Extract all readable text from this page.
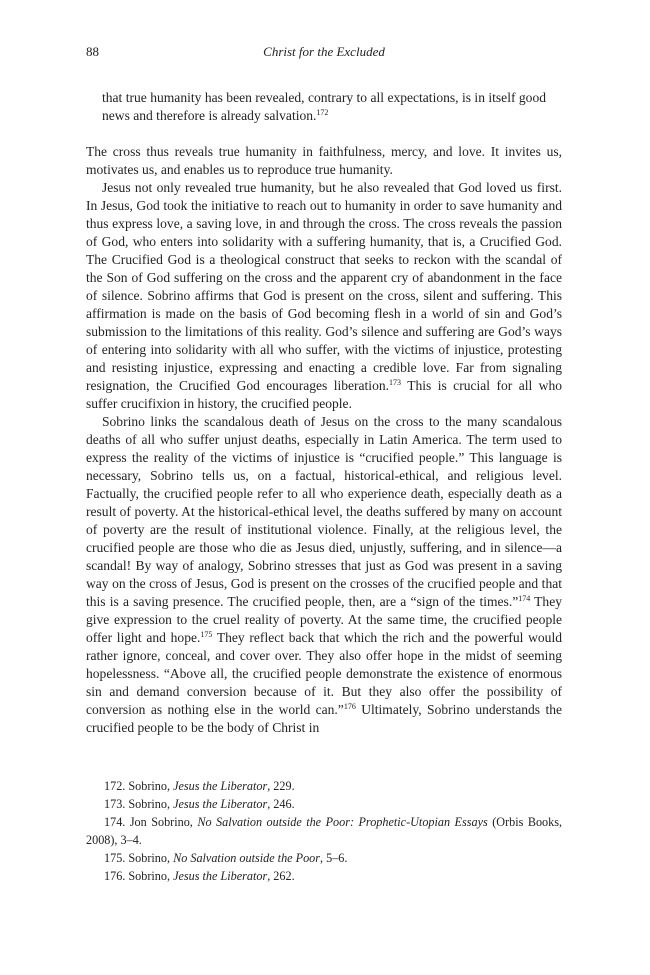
88	Christ for the Excluded

that true humanity has been revealed, contrary to all expectations, is in itself good news and therefore is already salvation.$^{172}$

The cross thus reveals true humanity in faithfulness, mercy, and love. It invites us, motivates us, and enables us to reproduce true humanity.

Jesus not only revealed true humanity, but he also revealed that God loved us first. In Jesus, God took the initiative to reach out to humanity in order to save humanity and thus express love, a saving love, in and through the cross. The cross reveals the passion of God, who enters into solidarity with a suffering humanity, that is, a Crucified God. The Crucified God is a theological construct that seeks to reckon with the scandal of the Son of God suffering on the cross and the apparent cry of abandonment in the face of silence. Sobrino affirms that God is present on the cross, silent and suffering. This affirmation is made on the basis of God becoming flesh in a world of sin and God’s submission to the limitations of this reality. God’s silence and suffering are God’s ways of entering into solidarity with all who suffer, with the victims of injustice, protesting and resisting injustice, expressing and enacting a credible love. Far from signaling resignation, the Crucified God encourages liberation.$^{173}$ This is crucial for all who suffer crucifixion in history, the crucified people.

Sobrino links the scandalous death of Jesus on the cross to the many scandalous deaths of all who suffer unjust deaths, especially in Latin America. The term used to express the reality of the victims of injustice is “crucified people.” This language is necessary, Sobrino tells us, on a factual, historical-ethical, and religious level. Factually, the crucified people refer to all who experience death, especially death as a result of poverty. At the historical-ethical level, the deaths suffered by many on account of poverty are the result of institutional violence. Finally, at the religious level, the crucified people are those who die as Jesus died, unjustly, suffering, and in silence—a scandal! By way of analogy, Sobrino stresses that just as God was present in a saving way on the cross of Jesus, God is present on the crosses of the crucified people and that this is a saving presence. The crucified people, then, are a “sign of the times.”$^{174}$ They give expression to the cruel reality of poverty. At the same time, the crucified people offer light and hope.$^{175}$ They reflect back that which the rich and the powerful would rather ignore, conceal, and cover over. They also offer hope in the midst of seeming hopelessness. “Above all, the crucified people demonstrate the existence of enormous sin and demand conversion because of it. But they also offer the possibility of conversion as nothing else in the world can.”$^{176}$ Ultimately, Sobrino understands the crucified people to be the body of Christ in

172. Sobrino, Jesus the Liberator, 229.

173. Sobrino, Jesus the Liberator, 246.

174. Jon Sobrino, No Salvation outside the Poor: Prophetic-Utopian Essays (Orbis Books, 2008), 3–4.

175. Sobrino, No Salvation outside the Poor, 5–6.

176. Sobrino, Jesus the Liberator, 262.
